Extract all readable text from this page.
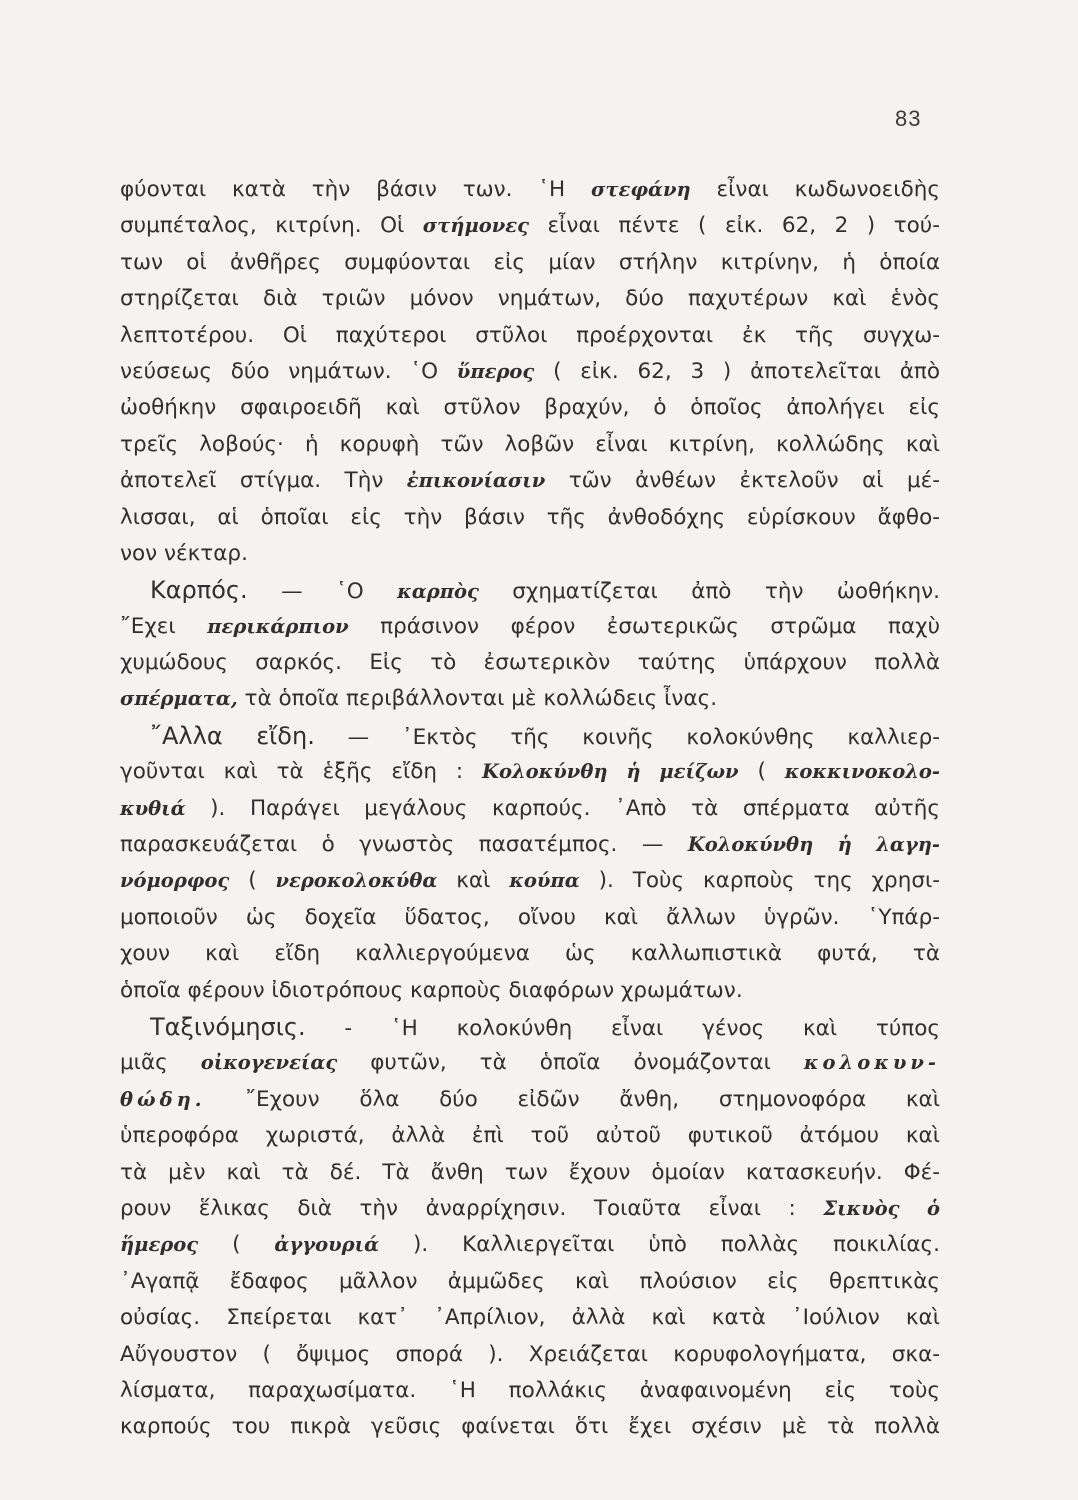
83
φύονται κατὰ τὴν βάσιν των. ῾Η στεφάνη εἶναι κωδωνοειδὴς
συμπέταλος, κιτρίνη. Οἱ στήμονες εἶναι πέντε ( εἰκ. 62, 2 ) τού-
των οἱ ἀνθῆρες συμφύονται εἰς μίαν στήλην κιτρίνην, ἡ ὁποία
στηρίζεται διὰ τριῶν μόνον νημάτων, δύο παχυτέρων καὶ ἑνὸς
λεπτοτέρου. Οἱ παχύτεροι στῦλοι προέρχονται ἐκ τῆς συγχω-
νεύσεως δύο νημάτων. ῾Ο ὕπερος ( εἰκ. 62, 3 ) ἀποτελεῖται ἀπὸ
ὠοθήκην σφαιροειδῆ καὶ στῦλον βραχύν, ὁ ὁποῖος ἀπολήγει εἰς
τρεῖς λοβούς· ἡ κορυφὴ τῶν λοβῶν εἶναι κιτρίνη, κολλώδης καὶ
ἀποτελεῖ στίγμα. Τὴν ἐπικονίασιν τῶν ἀνθέων ἐκτελοῦν αἱ μέ-
λισσαι, αἱ ὁποῖαι εἰς τὴν βάσιν τῆς ἀνθοδόχης εὑρίσκουν ἄφθο-
νον νέκταρ.
Καρπός. — ῾Ο καρπὸς σχηματίζεται ἀπὸ τὴν ὠοθήκην.
῎Εχει περικάρπιον πράσινον φέρον ἐσωτερικῶς στρῶμα παχὺ
χυμώδους σαρκός. Εἰς τὸ ἐσωτερικὸν ταύτης ὑπάρχουν πολλὰ
σπέρματα, τὰ ὁποῖα περιβάλλονται μὲ κολλώδεις ἶνας.
῎Αλλα εἴδη. — ᾿Εκτὸς τῆς κοινῆς κολοκύνθης καλλιερ-
γοῦνται καὶ τὰ ἑξῆς εἴδη : Κολοκύνθη ἡ μείζων ( κοκκινοκολο-
κυθιά ). Παράγει μεγάλους καρπούς. ᾿Απὸ τὰ σπέρματα αὐτῆς
παρασκευάζεται ὁ γνωστὸς πασατέμπος. — Κολοκύνθη ἡ λαγη-
νόμορφος ( νεροκολοκύθα καὶ κούπα ). Τοὺς καρποὺς της χρησι-
μοποιοῦν ὡς δοχεῖα ὕδατος, οἴνου καὶ ἄλλων ὑγρῶν. ῾Υπάρ-
χουν καὶ εἴδη καλλιεργούμενα ὡς καλλωπιστικὰ φυτά, τὰ
ὁποῖα φέρουν ἰδιοτρόπους καρποὺς διαφόρων χρωμάτων.
Ταξινόμησις. - ῾Η κολοκύνθη εἶναι γένος καὶ τύπος
μιᾶς οἰκογενείας φυτῶν, τὰ ὁποῖα ὀνομάζονται κολοκυν-
θώδη. ῎Εχουν ὅλα δύο εἰδῶν ἄνθη, στημονοφόρα καὶ
ὑπεροφόρα χωριστά, ἀλλὰ ἐπὶ τοῦ αὐτοῦ φυτικοῦ ἀτόμου καὶ
τὰ μὲν καὶ τὰ δέ. Τὰ ἄνθη των ἔχουν ὁμοίαν κατασκευήν. Φέ-
ρουν ἕλικας διὰ τὴν ἀναρρίχησιν. Τοιαῦτα εἶναι : Σικυὸς ὁ
ἥμερος ( ἀγγουριά ). Καλλιεργεῖται ὑπὸ πολλὰς ποικιλίας.
᾿Αγαπᾷ ἔδαφος μᾶλλον ἀμμῶδες καὶ πλούσιον εἰς θρεπτικὰς
οὐσίας. Σπείρεται κατ᾿ ᾿Απρίλιον, ἀλλὰ καὶ κατὰ ᾿Ιούλιον καὶ
Αὔγουστον ( ὄψιμος σπορά ). Χρειάζεται κορυφολογήματα, σκα-
λίσματα, παραχωσίματα. ῾Η πολλάκις ἀναφαινομένη εἰς τοὺς
καρπούς του πικρὰ γεῦσις φαίνεται ὅτι ἔχει σχέσιν μὲ τὰ πολλὰ
